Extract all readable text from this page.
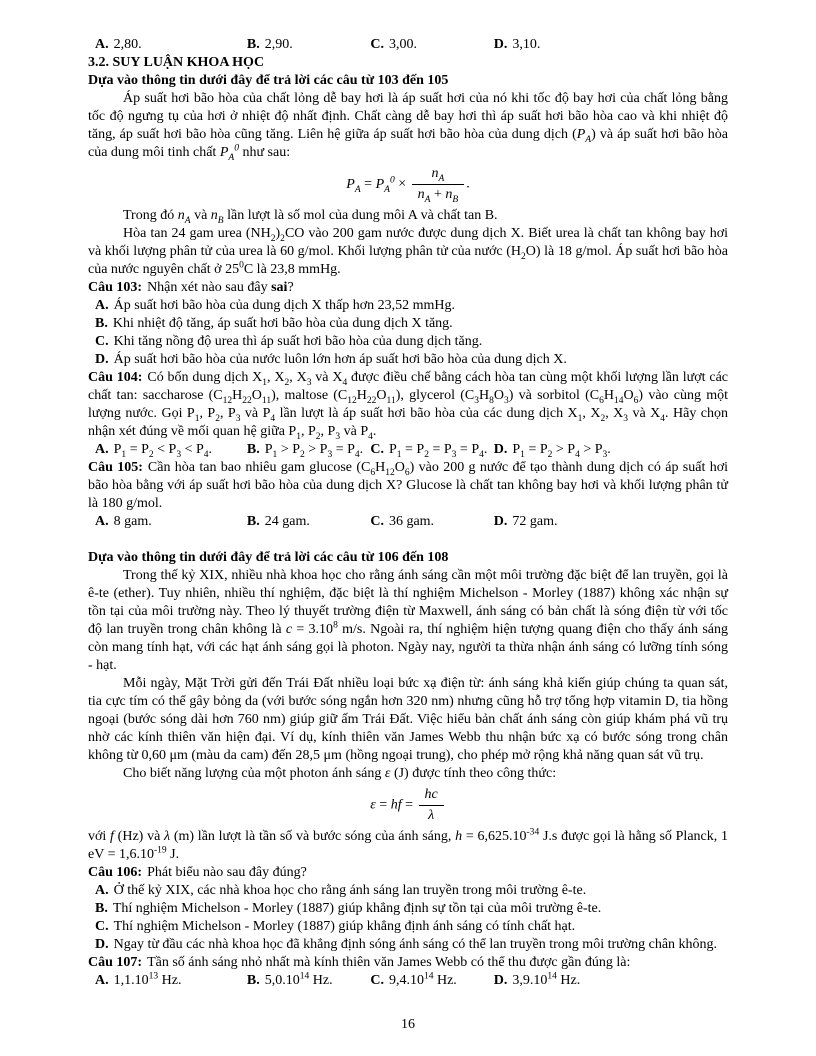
A. 2,80.	B. 2,90.	C. 3,00.	D. 3,10.
3.2. SUY LUẬN KHOA HỌC
Dựa vào thông tin dưới đây để trả lời các câu từ 103 đến 105

Áp suất hơi bão hòa của chất lỏng dễ bay hơi là áp suất hơi của nó khi tốc độ bay hơi của chất lỏng bằng tốc độ ngưng tụ của hơi ở nhiệt độ nhất định. Chất càng dễ bay hơi thì áp suất hơi bão hòa cao và khi nhiệt độ tăng, áp suất hơi bão hòa cũng tăng. Liên hệ giữa áp suất hơi bão hòa của dung dịch $(P_A)$ và áp suất hơi bão hòa của dung môi tinh chất $P_A^0$ như sau:

$P_A = P_A^0 \times \frac{n_A}{n_A + n_B}$ .

Trong đó $n_A$ và $n_B$ lần lượt là số mol của dung môi A và chất tan B.

Hòa tan 24 gam urea $(NH_2)_2CO$ vào 200 gam nước được dung dịch X. Biết urea là chất tan không bay hơi và khối lượng phân tử của urea là 60 g/mol. Khối lượng phân tử của nước $(H_2O)$ là 18 g/mol. Áp suất hơi bão hòa của nước nguyên chất ở $25^0C$ là 23,8 mmHg.

Câu 103: Nhận xét nào sau đây sai?

A. Áp suất hơi bão hòa của dung dịch X thấp hơn 23,52 mmHg.
B. Khi nhiệt độ tăng, áp suất hơi bão hòa của dung dịch X tăng.
C. Khi tăng nồng độ urea thì áp suất hơi bão hòa của dung dịch tăng.
D. Áp suất hơi bão hòa của nước luôn lớn hơn áp suất hơi bão hòa của dung dịch X.

Câu 104: Có bốn dung dịch $X_1$, $X_2$, $X_3$ và $X_4$ được điều chế bằng cách hòa tan cùng một khối lượng lần lượt các chất tan: saccharose $(C_{12}H_{22}O_{11})$, maltose $(C_{12}H_{22}O_{11})$, glycerol $(C_3H_8O_3)$ và sorbitol $(C_6H_{14}O_6)$ vào cùng một lượng nước. Gọi $P_1$, $P_2$, $P_3$ và $P_4$ lần lượt là áp suất hơi bão hòa của các dung dịch $X_1$, $X_2$, $X_3$ và $X_4$. Hãy chọn nhận xét đúng về mối quan hệ giữa $P_1$, $P_2$, $P_3$ và $P_4$.

A. $P_1 = P_2 < P_3 < P_4$.	B. $P_1 > P_2 > P_3 = P_4$. C. $P_1 = P_2 = P_3 = P_4$. D. $P_1 = P_2 > P_4 > P_3$.

Câu 105: Cần hòa tan bao nhiêu gam glucose $(C_6H_{12}O_6)$ vào 200 g nước để tạo thành dung dịch có áp suất hơi bão hòa bằng với áp suất hơi bão hòa của dung dịch X? Glucose là chất tan không bay hơi và khối lượng phân tử là 180 g/mol.

A. 8 gam.	B. 24 gam.	C. 36 gam.	D. 72 gam.
Dựa vào thông tin dưới đây để trả lời các câu từ 106 đến 108

Trong thế kỷ XIX, nhiều nhà khoa học cho rằng ánh sáng cần một môi trường đặc biệt để lan truyền, gọi là ê-te (ether). Tuy nhiên, nhiều thí nghiệm, đặc biệt là thí nghiệm Michelson - Morley (1887) không xác nhận sự tồn tại của môi trường này. Theo lý thuyết trường điện từ Maxwell, ánh sáng có bản chất là sóng điện từ với tốc độ lan truyền trong chân không là $c = 3.10^8$ m/s. Ngoài ra, thí nghiệm hiện tượng quang điện cho thấy ánh sáng còn mang tính hạt, với các hạt ánh sáng gọi là photon. Ngày nay, người ta thừa nhận ánh sáng có lưỡng tính sóng - hạt.

Mỗi ngày, Mặt Trời gửi đến Trái Đất nhiều loại bức xạ điện từ: ánh sáng khả kiến giúp chúng ta quan sát, tia cực tím có thể gây bỏng da (với bước sóng ngắn hơn 320 nm) nhưng cũng hỗ trợ tổng hợp vitamin D, tia hồng ngoại (bước sóng dài hơn 760 nm) giúp giữ ấm Trái Đất. Việc hiểu bản chất ánh sáng còn giúp khám phá vũ trụ nhờ các kính thiên văn hiện đại. Ví dụ, kính thiên văn James Webb thu nhận bức xạ có bước sóng trong chân không từ 0,60 μm (màu da cam) đến 28,5 μm (hồng ngoại trung), cho phép mở rộng khả năng quan sát vũ trụ.

Cho biết năng lượng của một photon ánh sáng ε (J) được tính theo công thức:

ε = hf = $\frac{hc}{\lambda}$

với f (Hz) và λ (m) lần lượt là tần số và bước sóng của ánh sáng, $h = 6,625.10^{-34}$ J.s được gọi là hằng số Planck, 1 eV = $1,6.10^{-19}$ J.

Câu 106: Phát biểu nào sau đây đúng?

A. Ở thế kỷ XIX, các nhà khoa học cho rằng ánh sáng lan truyền trong môi trường ê-te.
B. Thí nghiệm Michelson - Morley (1887) giúp khẳng định sự tồn tại của môi trường ê-te.
C. Thí nghiệm Michelson - Morley (1887) giúp khẳng định ánh sáng có tính chất hạt.
D. Ngay từ đầu các nhà khoa học đã khẳng định sóng ánh sáng có thể lan truyền trong môi trường chân không.

Câu 107: Tần số ánh sáng nhỏ nhất mà kính thiên văn James Webb có thể thu được gần đúng là:

A. 1,1.10$^{13}$ Hz.	B. 5,0.10$^{14}$ Hz.	C. 9,4.10$^{14}$ Hz.	D. 3,9.10$^{14}$ Hz.
16
